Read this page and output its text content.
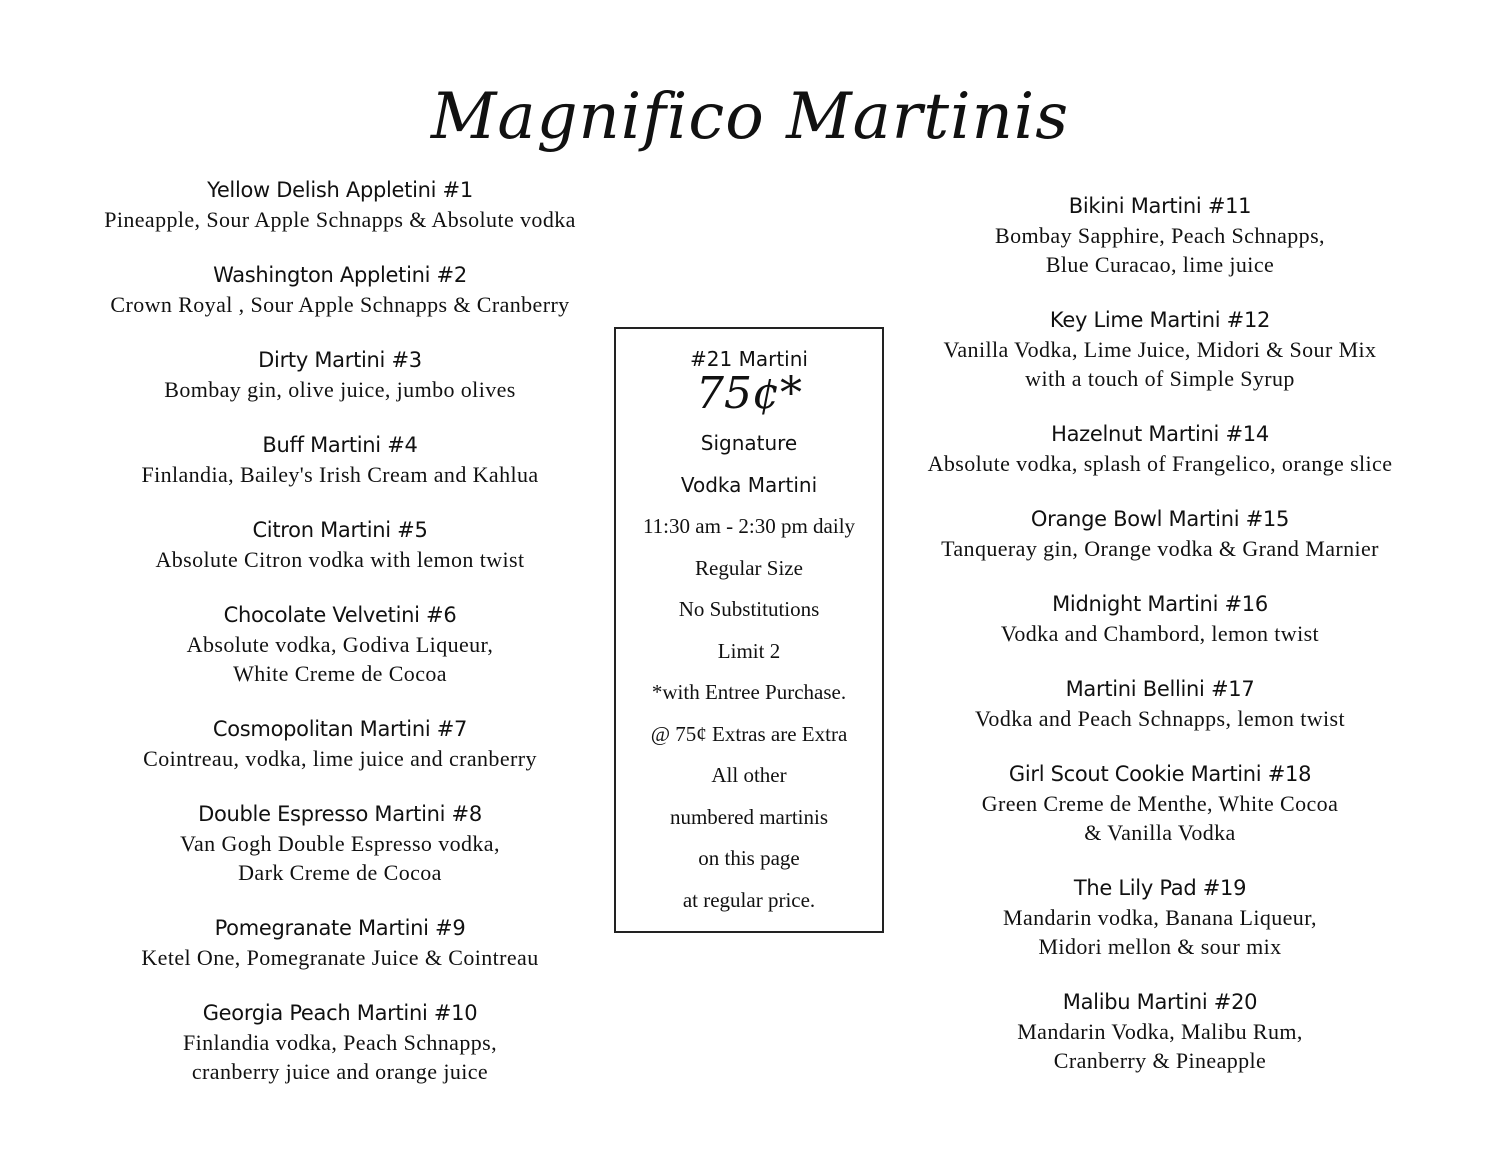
Magnifico Martinis
Yellow Delish Appletini #1
Pineapple, Sour Apple Schnapps & Absolute vodka
Washington Appletini #2
Crown Royal , Sour Apple Schnapps & Cranberry
Dirty Martini #3
Bombay gin, olive juice, jumbo olives
Buff Martini #4
Finlandia, Bailey's Irish Cream and Kahlua
Citron Martini #5
Absolute Citron vodka with lemon twist
Chocolate Velvetini #6
Absolute vodka, Godiva Liqueur,
White Creme de Cocoa
Cosmopolitan Martini #7
Cointreau, vodka, lime juice and cranberry
Double Espresso Martini #8
Van Gogh Double Espresso vodka,
Dark Creme de Cocoa
Pomegranate Martini #9
Ketel One, Pomegranate Juice & Cointreau
Georgia Peach Martini #10
Finlandia vodka, Peach Schnapps,
cranberry juice and orange juice
#21 Martini
75¢*
Signature
Vodka Martini
11:30 am - 2:30 pm daily
Regular Size
No Substitutions
Limit 2
*with Entree Purchase.
@ 75¢ Extras are Extra
All other
numbered martinis
on this page
at regular price.
Bikini Martini #11
Bombay Sapphire, Peach Schnapps,
Blue Curacao, lime juice
Key Lime Martini #12
Vanilla Vodka, Lime Juice, Midori & Sour Mix
with a touch of Simple Syrup
Hazelnut Martini #14
Absolute vodka, splash of Frangelico, orange slice
Orange Bowl Martini #15
Tanqueray gin, Orange vodka & Grand Marnier
Midnight Martini #16
Vodka and Chambord, lemon twist
Martini Bellini #17
Vodka and Peach Schnapps, lemon twist
Girl Scout Cookie Martini #18
Green Creme de Menthe, White Cocoa
& Vanilla Vodka
The Lily Pad #19
Mandarin vodka, Banana Liqueur,
Midori mellon & sour mix
Malibu Martini #20
Mandarin Vodka, Malibu Rum,
Cranberry & Pineapple
